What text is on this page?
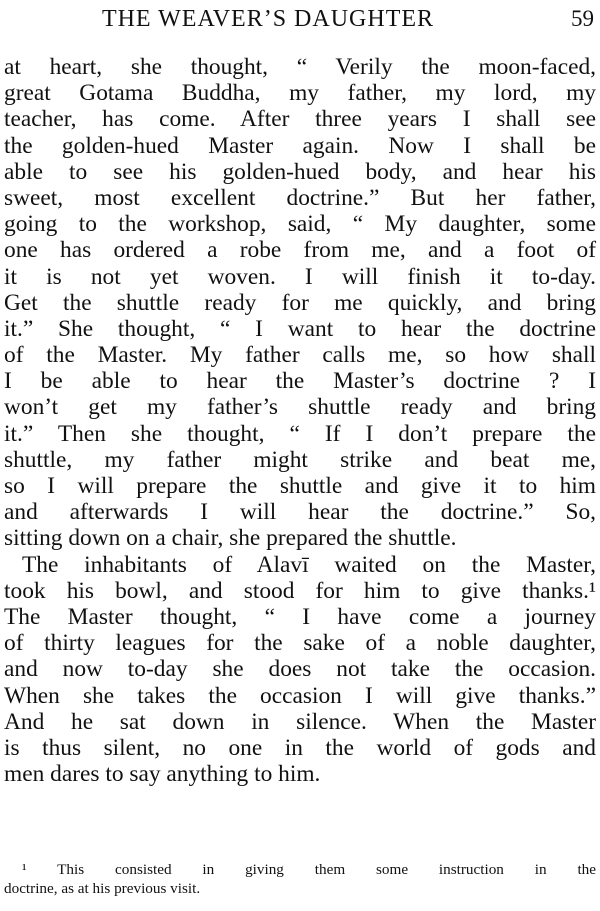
THE WEAVER’S DAUGHTER	59
at heart, she thought, “ Verily the moon-faced,
great Gotama Buddha, my father, my lord, my
teacher, has come. After three years I shall see
the golden-hued Master again. Now I shall be
able to see his golden-hued body, and hear his
sweet, most excellent doctrine.” But her father,
going to the workshop, said, “ My daughter, some
one has ordered a robe from me, and a foot of
it is not yet woven. I will finish it to-day.
Get the shuttle ready for me quickly, and bring
it.” She thought, “ I want to hear the doctrine
of the Master. My father calls me, so how shall
I be able to hear the Master’s doctrine ? I
won’t get my father’s shuttle ready and bring
it.” Then she thought, “ If I don’t prepare the
shuttle, my father might strike and beat me,
so I will prepare the shuttle and give it to him
and afterwards I will hear the doctrine.” So,
sitting down on a chair, she prepared the shuttle.
The inhabitants of Alavī waited on the Master,
took his bowl, and stood for him to give thanks.¹
The Master thought, “ I have come a journey
of thirty leagues for the sake of a noble daughter,
and now to-day she does not take the occasion.
When she takes the occasion I will give thanks.”
And he sat down in silence. When the Master
is thus silent, no one in the world of gods and
men dares to say anything to him.
¹ This consisted in giving them some instruction in the
doctrine, as at his previous visit.
